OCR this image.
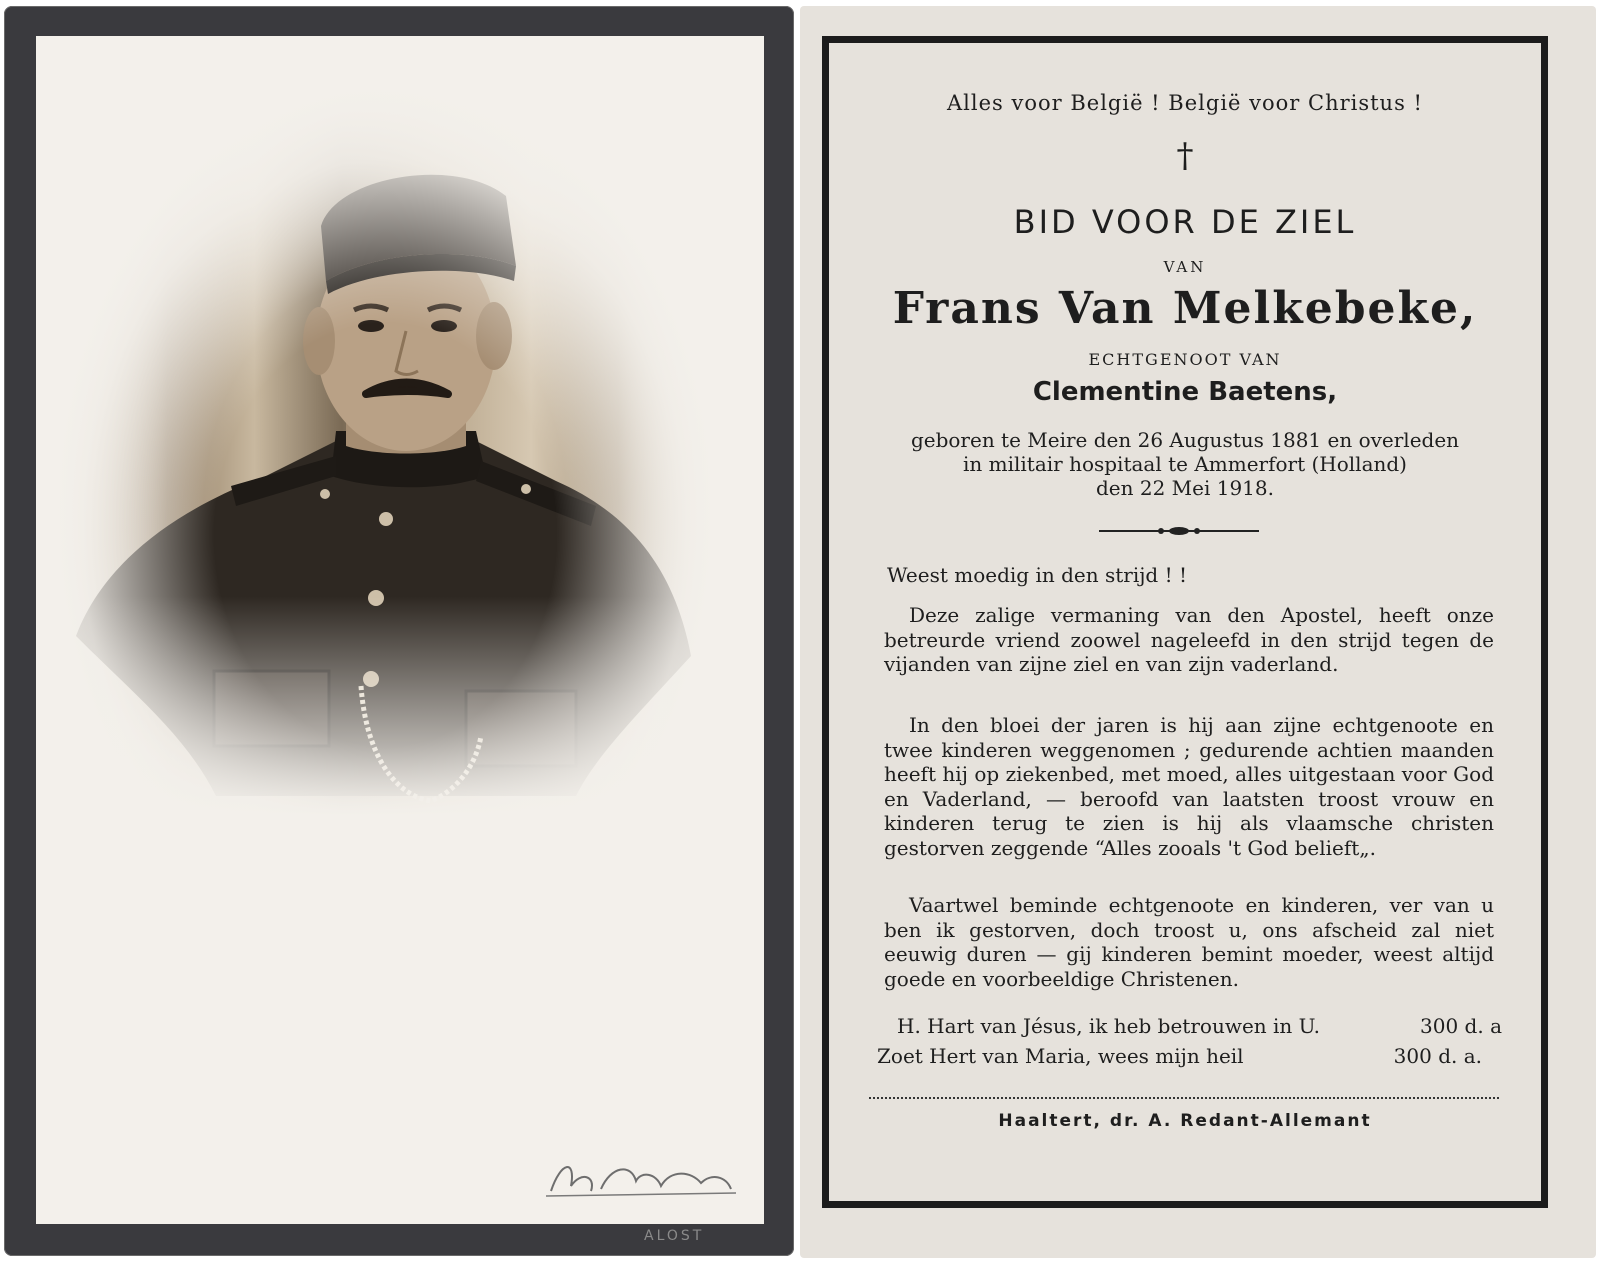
ALOST
Alles voor België ! België voor Christus !
†
BID VOOR DE ZIEL
VAN
Frans Van Melkebeke,
ECHTGENOOT VAN
Clementine Baetens,
geboren te Meire den 26 Augustus 1881 en overleden
in militair hospitaal te Ammerfort (Holland)
den 22 Mei 1918.
Weest moedig in den strijd ! !
Deze zalige vermaning van den Apostel, heeft onze betreurde vriend zoowel nageleefd in den strijd tegen de vijanden van zijne ziel en van zijn vaderland.
In den bloei der jaren is hij aan zijne echtgenoote en twee kinderen weggenomen ; gedurende achtien maanden heeft hij op ziekenbed, met moed, alles uitgestaan voor God en Vaderland, — beroofd van laatsten troost vrouw en kinderen terug te zien is hij als vlaamsche christen gestorven zeggende “Alles zooals 't God belieft„.
Vaartwel beminde echtgenoote en kinderen, ver van u ben ik gestorven, doch troost u, ons afscheid zal niet eeuwig duren — gij kinderen bemint moeder, weest altijd goede en voorbeeldige Christenen.
H. Hart van Jésus, ik heb betrouwen in U.	300 d. a
Zoet Hert van Maria, wees mijn heil	300 d. a.
Haaltert, dr. A. Redant-Allemant
